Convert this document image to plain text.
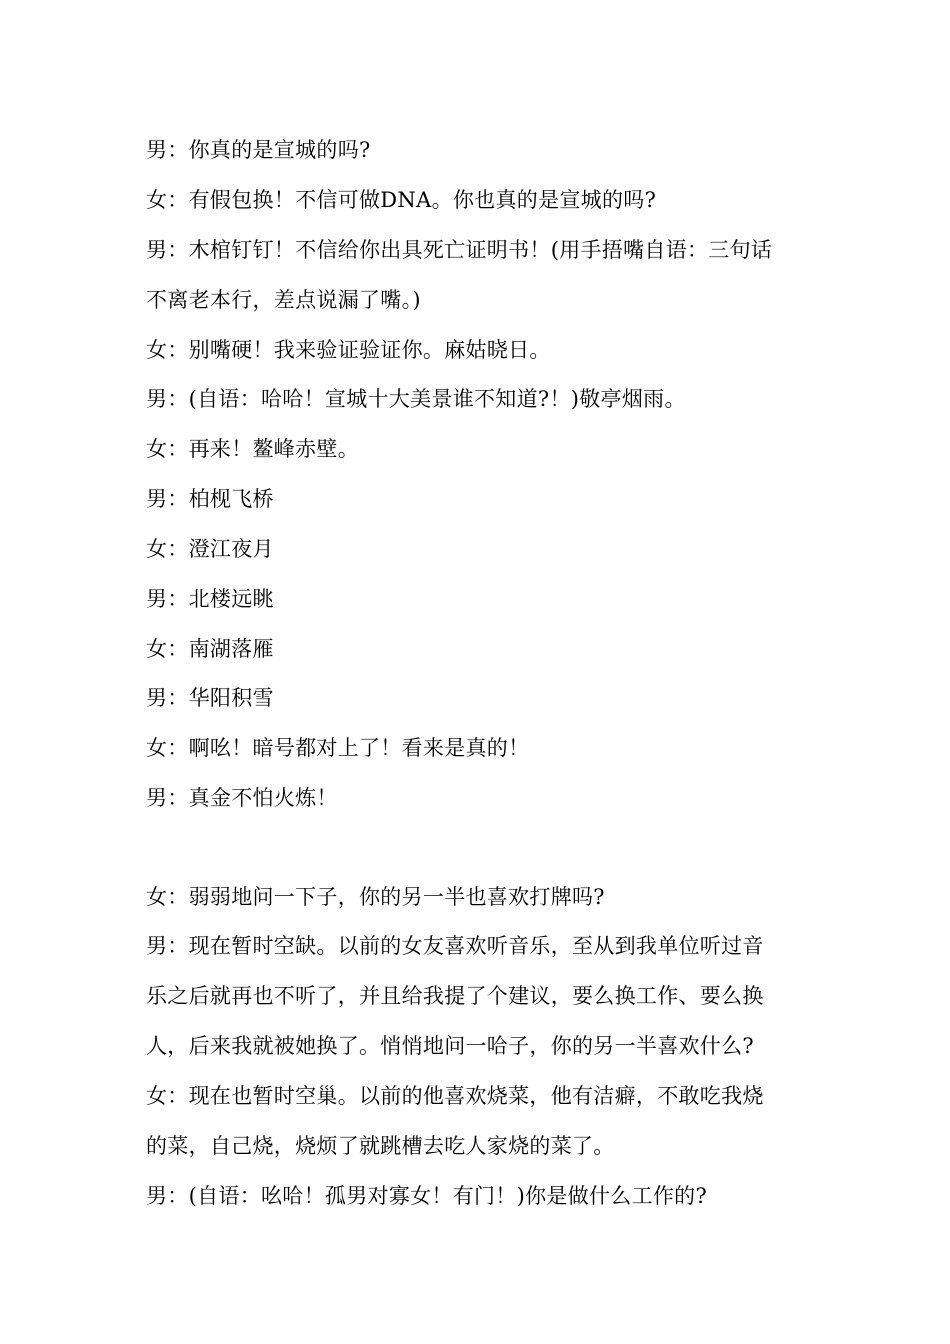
男：你真的是宣城的吗?
女：有假包换！不信可做DNA。你也真的是宣城的吗?
男：木棺钉钉！不信给你出具死亡证明书！(用手捂嘴自语：三句话
不离老本行，差点说漏了嘴。)
女：别嘴硬！我来验证验证你。麻姑晓日。
男：(自语：哈哈！宣城十大美景谁不知道?！)敬亭烟雨。
女：再来！鳌峰赤壁。
男：柏枧飞桥
女：澄江夜月
男：北楼远眺
女：南湖落雁
男：华阳积雪
女：啊吆！暗号都对上了！看来是真的！
男：真金不怕火炼！
女：弱弱地问一下子，你的另一半也喜欢打牌吗?
男：现在暂时空缺。以前的女友喜欢听音乐，至从到我单位听过音
乐之后就再也不听了，并且给我提了个建议，要么换工作、要么换
人，后来我就被她换了。悄悄地问一哈子，你的另一半喜欢什么?
女：现在也暂时空巢。以前的他喜欢烧菜，他有洁癖，不敢吃我烧
的菜，自己烧，烧烦了就跳槽去吃人家烧的菜了。
男：(自语：吆哈！孤男对寡女！有门！)你是做什么工作的?
